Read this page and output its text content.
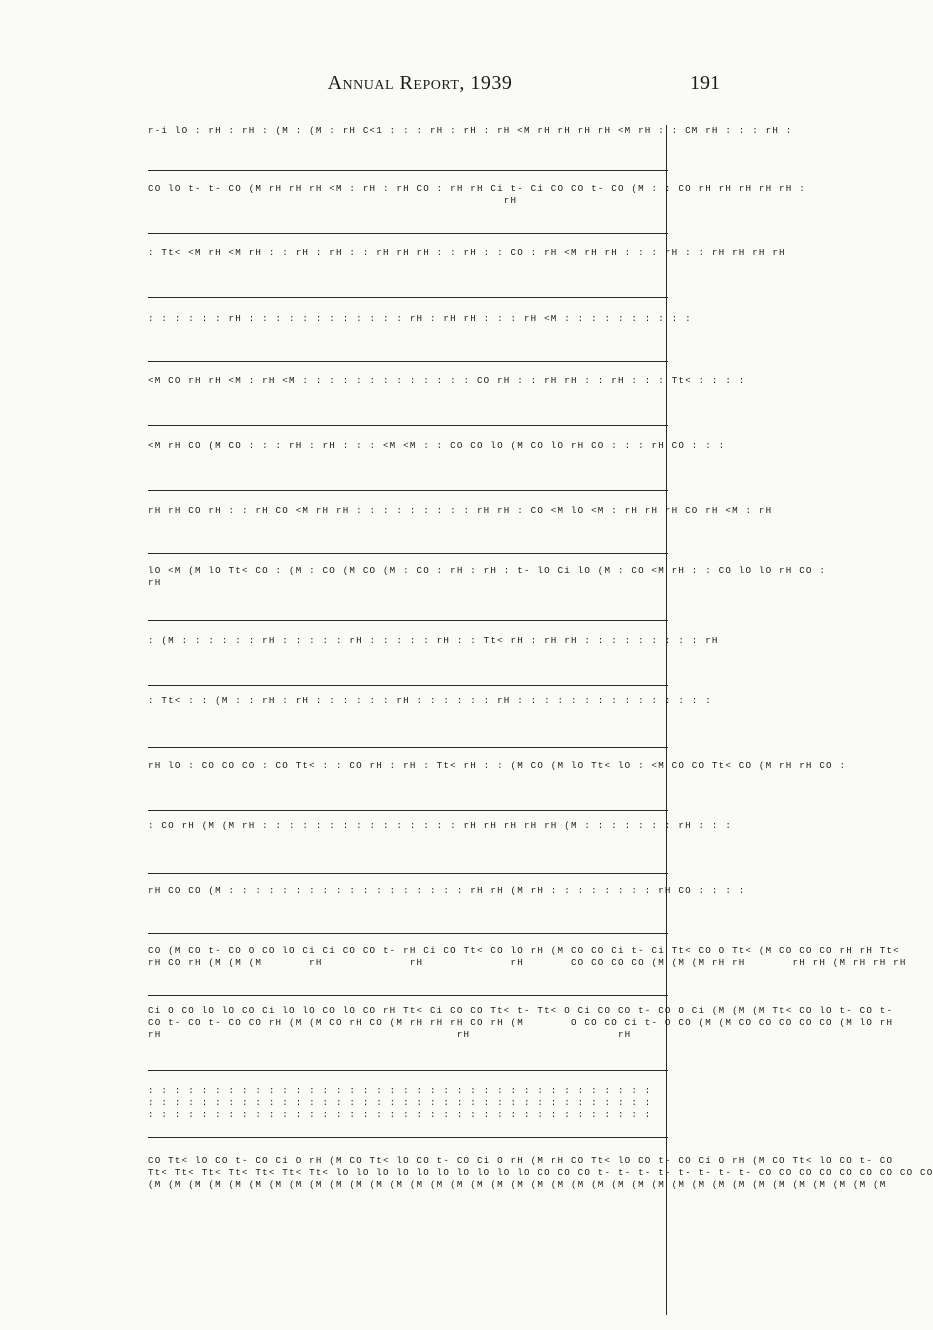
Annual Report, 1939	191
r-i lO : rH : rH : (M : (M : rH C<1 : : : rH : rH : rH <M rH rH rH rH <M rH : : CM rH : : : rH :
CO lO t- t- CO (M rH rH rH <M : rH : rH CO : rH rH Ci t- Ci CO CO t- CO (M : : CO rH rH rH rH rH :
rH
: Tt< <M rH <M rH : : rH : rH : : rH rH rH : : rH : : CO : rH <M rH rH : : : rH : : rH rH rH rH
: : : : : : rH : : : : : : : : : : : : rH : rH rH : : : rH <M : : : : : : : : : :
<M CO rH rH <M : rH <M : : : : : : : : : : : : : CO rH : : rH rH : : rH : : : Tt< : : : :
<M rH CO (M CO : : : rH : rH : : : <M <M : : CO CO lO (M CO lO rH CO : : : rH CO : : :
rH rH CO rH : : rH CO <M rH rH : : : : : : : : : rH rH : CO <M lO <M : rH rH rH CO rH <M : rH
lO <M (M lO Tt< CO : (M : CO (M CO (M : CO : rH : rH : t- lO Ci lO (M : CO <M rH : : CO lO lO rH CO :
rH
: (M : : : : : : rH : : : : : rH : : : : : rH : : Tt< rH : rH rH : : : : : : : : : rH
: Tt< : : (M : : rH : rH : : : : : : rH : : : : : : rH : : : : : : : : : : : : : : :
rH lO : CO CO CO : CO Tt< : : CO rH : rH : Tt< rH : : (M CO (M lO Tt< lO : <M CO CO Tt< CO (M rH rH CO :
: CO rH (M (M rH : : : : : : : : : : : : : : : rH rH rH rH rH (M : : : : : : : rH : : :
rH CO CO (M : : : : : : : : : : : : : : : : : : rH rH (M rH : : : : : : : : rH CO : : : :
CO (M CO t- CO O CO lO Ci Ci CO CO t- rH Ci CO Tt< CO lO rH (M CO CO Ci t- Ci Tt< CO O Tt< (M CO CO CO rH rH Tt<
rH CO rH (M (M (M       rH             rH             rH       CO CO CO CO (M (M (M rH rH       rH rH (M rH rH rH
Ci O CO lO lO CO Ci lO lO CO lO CO rH Tt< Ci CO CO Tt< t- Tt< O Ci CO CO t- CO O Ci (M (M (M Tt< CO lO t- CO t-
CO t- CO t- CO CO rH (M (M CO rH CO (M rH rH rH CO rH (M       O CO CO Ci t- O CO (M (M CO CO CO CO CO (M lO rH
rH                                            rH                      rH
: : : : : : : : : : : : : : : : : : : : : : : : : : : : : : : : : : : : : :
: : : : : : : : : : : : : : : : : : : : : : : : : : : : : : : : : : : : : :
: : : : : : : : : : : : : : : : : : : : : : : : : : : : : : : : : : : : : :
CO Tt< lO CO t- CO Ci O rH (M CO Tt< lO CO t- CO Ci O rH (M rH CO Tt< lO CO t- CO Ci O rH (M CO Tt< lO CO t- CO
Tt< Tt< Tt< Tt< Tt< Tt< Tt< lO lO lO lO lO lO lO lO lO lO CO CO CO t- t- t- t- t- t- t- t- CO CO CO CO CO CO CO CO CO
(M (M (M (M (M (M (M (M (M (M (M (M (M (M (M (M (M (M (M (M (M (M (M (M (M (M (M (M (M (M (M (M (M (M (M (M (M
